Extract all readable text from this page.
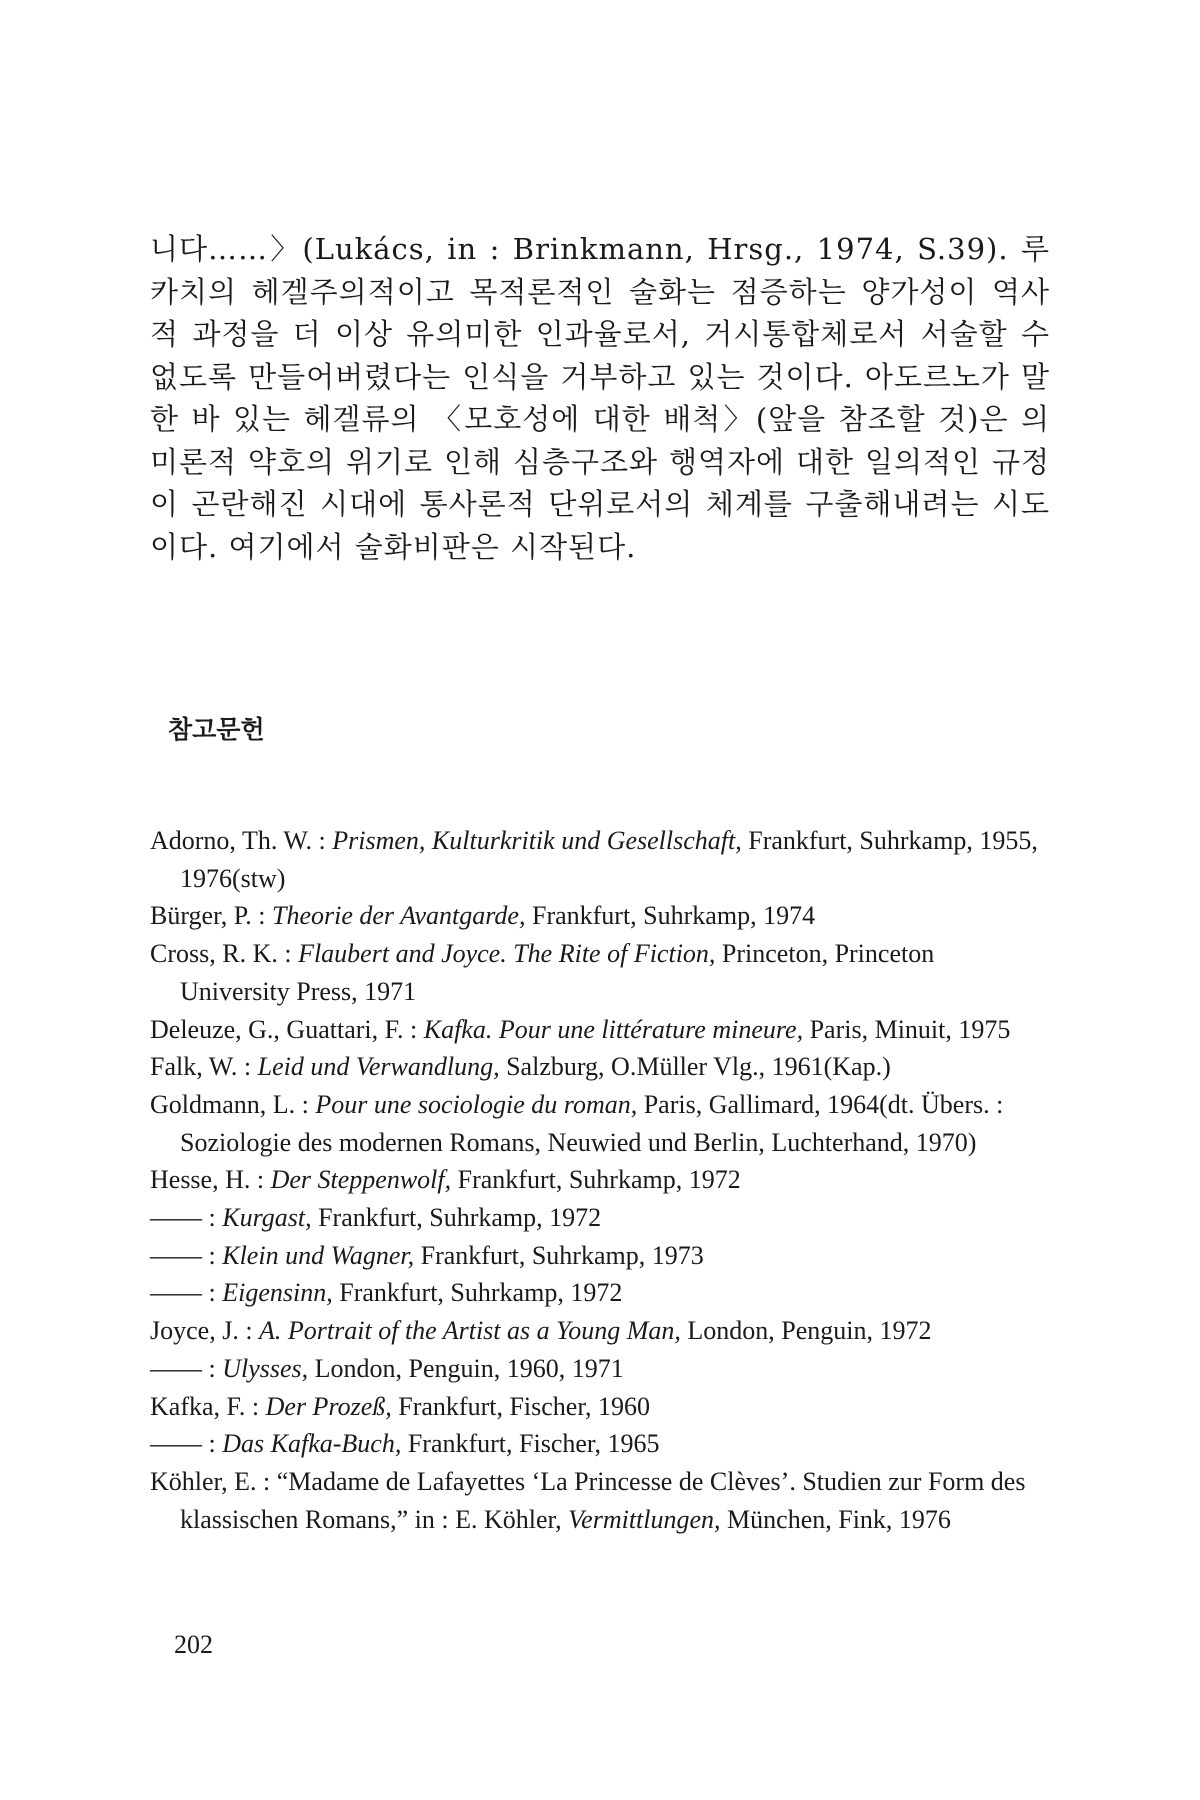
니다……〉(Lukács, in : Brinkmann, Hrsg., 1974, S.39). 루카치의 헤겔주의적이고 목적론적인 술화는 점증하는 양가성이 역사적 과정을 더 이상 유의미한 인과율로서, 거시통합체로서 서술할 수 없도록 만들어버렸다는 인식을 거부하고 있는 것이다. 아도르노가 말한 바 있는 헤겔류의 〈모호성에 대한 배척〉(앞을 참조할 것)은 의미론적 약호의 위기로 인해 심층구조와 행역자에 대한 일의적인 규정이 곤란해진 시대에 통사론적 단위로서의 체계를 구출해내려는 시도이다. 여기에서 술화비판은 시작된다.

참고문헌
Adorno, Th. W. : Prismen, Kulturkritik und Gesellschaft, Frankfurt, Suhrkamp, 1955, 1976(stw)
Bürger, P. : Theorie der Avantgarde, Frankfurt, Suhrkamp, 1974
Cross, R. K. : Flaubert and Joyce. The Rite of Fiction, Princeton, Princeton University Press, 1971
Deleuze, G., Guattari, F. : Kafka. Pour une littérature mineure, Paris, Minuit, 1975
Falk, W. : Leid und Verwandlung, Salzburg, O.Müller Vlg., 1961(Kap.)
Goldmann, L. : Pour une sociologie du roman, Paris, Gallimard, 1964(dt. Übers. : Soziologie des modernen Romans, Neuwied und Berlin, Luchterhand, 1970)
Hesse, H. : Der Steppenwolf, Frankfurt, Suhrkamp, 1972
—— : Kurgast, Frankfurt, Suhrkamp, 1972
—— : Klein und Wagner, Frankfurt, Suhrkamp, 1973
—— : Eigensinn, Frankfurt, Suhrkamp, 1972
Joyce, J. : A. Portrait of the Artist as a Young Man, London, Penguin, 1972
—— : Ulysses, London, Penguin, 1960, 1971
Kafka, F. : Der Prozeß, Frankfurt, Fischer, 1960
—— : Das Kafka-Buch, Frankfurt, Fischer, 1965
Köhler, E. : “Madame de Lafayettes ‘La Princesse de Clèves’. Studien zur Form des klassischen Romans,” in : E. Köhler, Vermittlungen, München, Fink, 1976

202
